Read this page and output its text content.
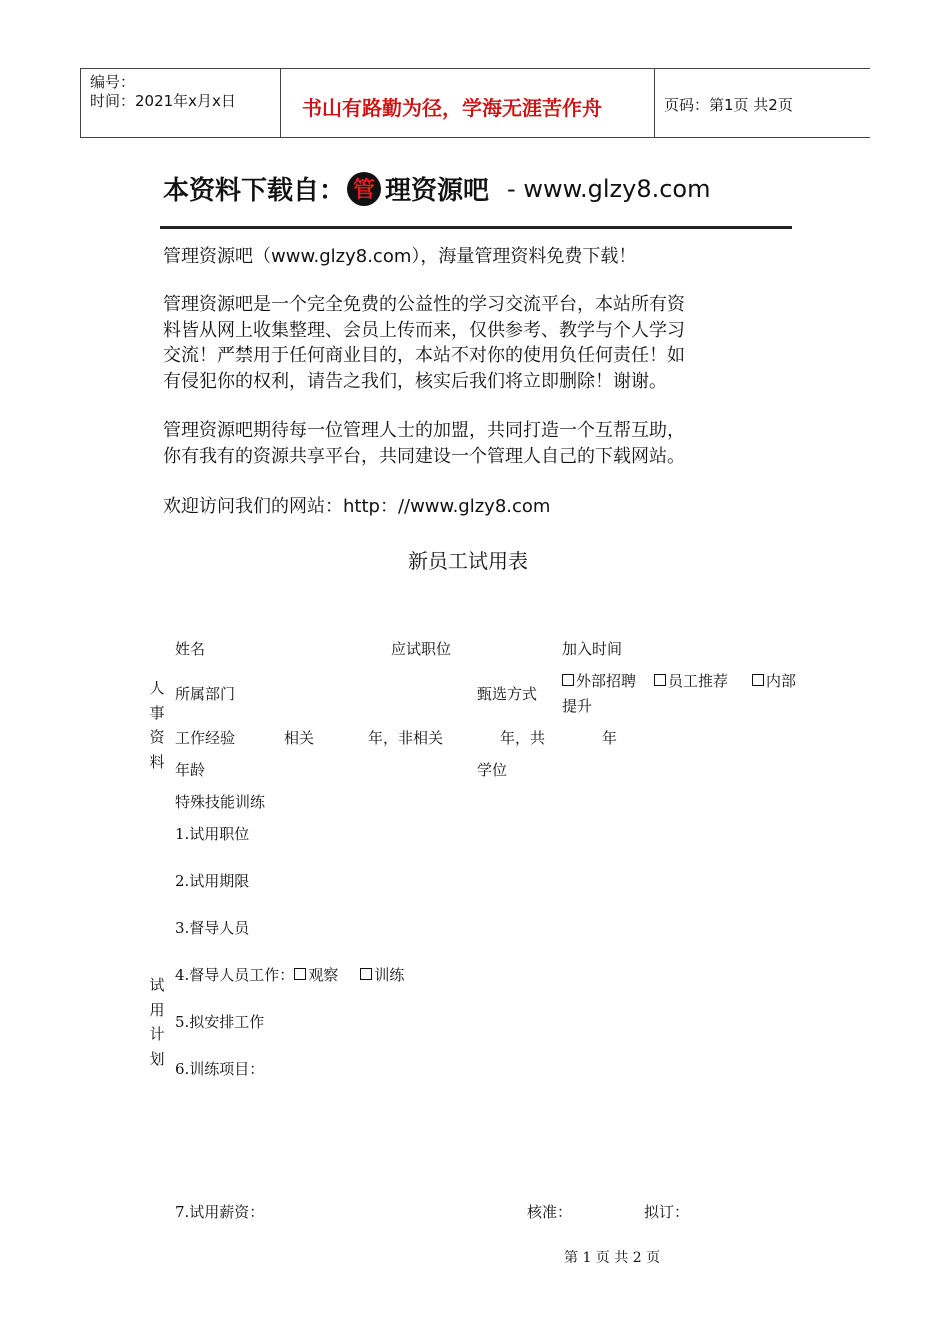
编号：
时间：2021年x月x日	书山有路勤为径，学海无涯苦作舟	页码：第1页 共2页
本资料下载自： 管 理资源吧 - www.glzy8.com
管理资源吧（www.glzy8.com），海量管理资料免费下载！
管理资源吧是一个完全免费的公益性的学习交流平台，本站所有资
料皆从网上收集整理、会员上传而来，仅供参考、教学与个人学习
交流！严禁用于任何商业目的，本站不对你的使用负任何责任！如
有侵犯你的权利，请告之我们，核实后我们将立即删除！谢谢。
管理资源吧期待每一位管理人士的加盟，共同打造一个互帮互助，
你有我有的资源共享平台，共同建设一个管理人自己的下载网站。
欢迎访问我们的网站：http：//www.glzy8.com
新员工试用表
人事资料
姓名	应试职位	加入时间
所属部门	甄选方式
外部招聘	员工推荐	内部
提升
工作经验	相关	年，非相关	年，共	年
年龄	学位
特殊技能训练
试用计划
1.试用职位
2.试用期限
3.督导人员
4.督导人员工作： 观察 训练
5.拟安排工作
6.训练项目：
7.试用薪资：	核准：	拟订：
第 1 页 共 2 页
